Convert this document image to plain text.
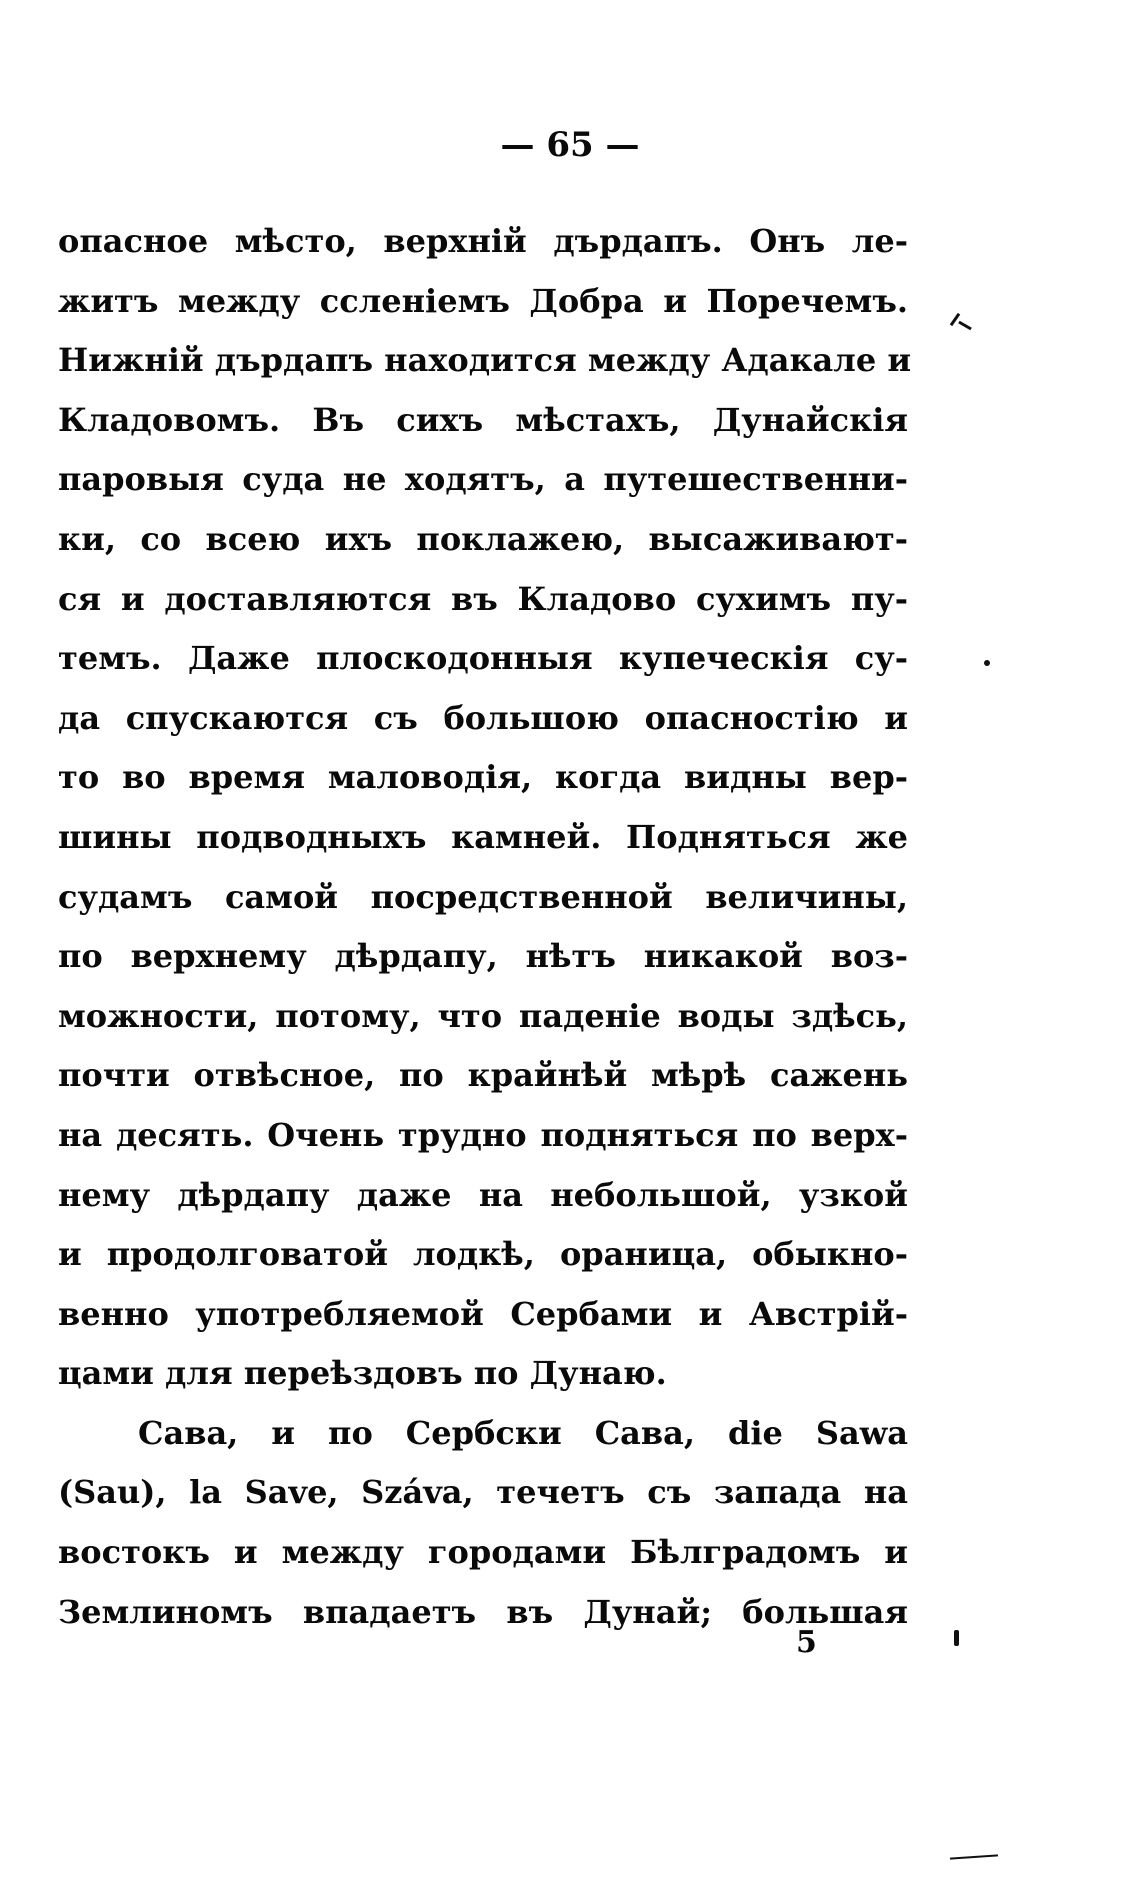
— 65 —
опасное мѣсто, верхній дърдапъ. Онъ ле-
житъ между ccлeнieмъ Добра и Поречемъ.
Нижній дърдапъ находится между Адакале и
Кладовомъ. Въ сихъ мѣстахъ, Дунайскія
паровыя суда не ходятъ, а путешественни-
ки, со всею ихъ поклажею, высаживают-
ся и доставляются въ Кладово сухимъ пу-
темъ. Даже плоскодонныя купеческія су-
да спускаются съ большою опасностію и
то во время маловодія, когда видны вер-
шины подводныхъ камней. Подняться же
судамъ самой посредственной величины,
по верхнему дѣрдапу, нѣтъ никакой воз-
можности, потому, что паденіе воды здѣсь,
почти отвѣсное, по крайнѣй мѣрѣ сажень
на десять. Очень трудно подняться по верх-
нему дѣрдапу даже на небольшой, узкой
и продолговатой лодкѣ, ораница, обыкно-
венно употребляемой Сербами и Австрій-
цами для переѣздовъ по Дунаю.
Сава, и по Сербски Сава, die Sawa
(Sau), la Save, Száva, течетъ съ запада на
востокъ и между городами Бѣлградомъ и
Землиномъ впадаетъ въ Дунай; большая
5
